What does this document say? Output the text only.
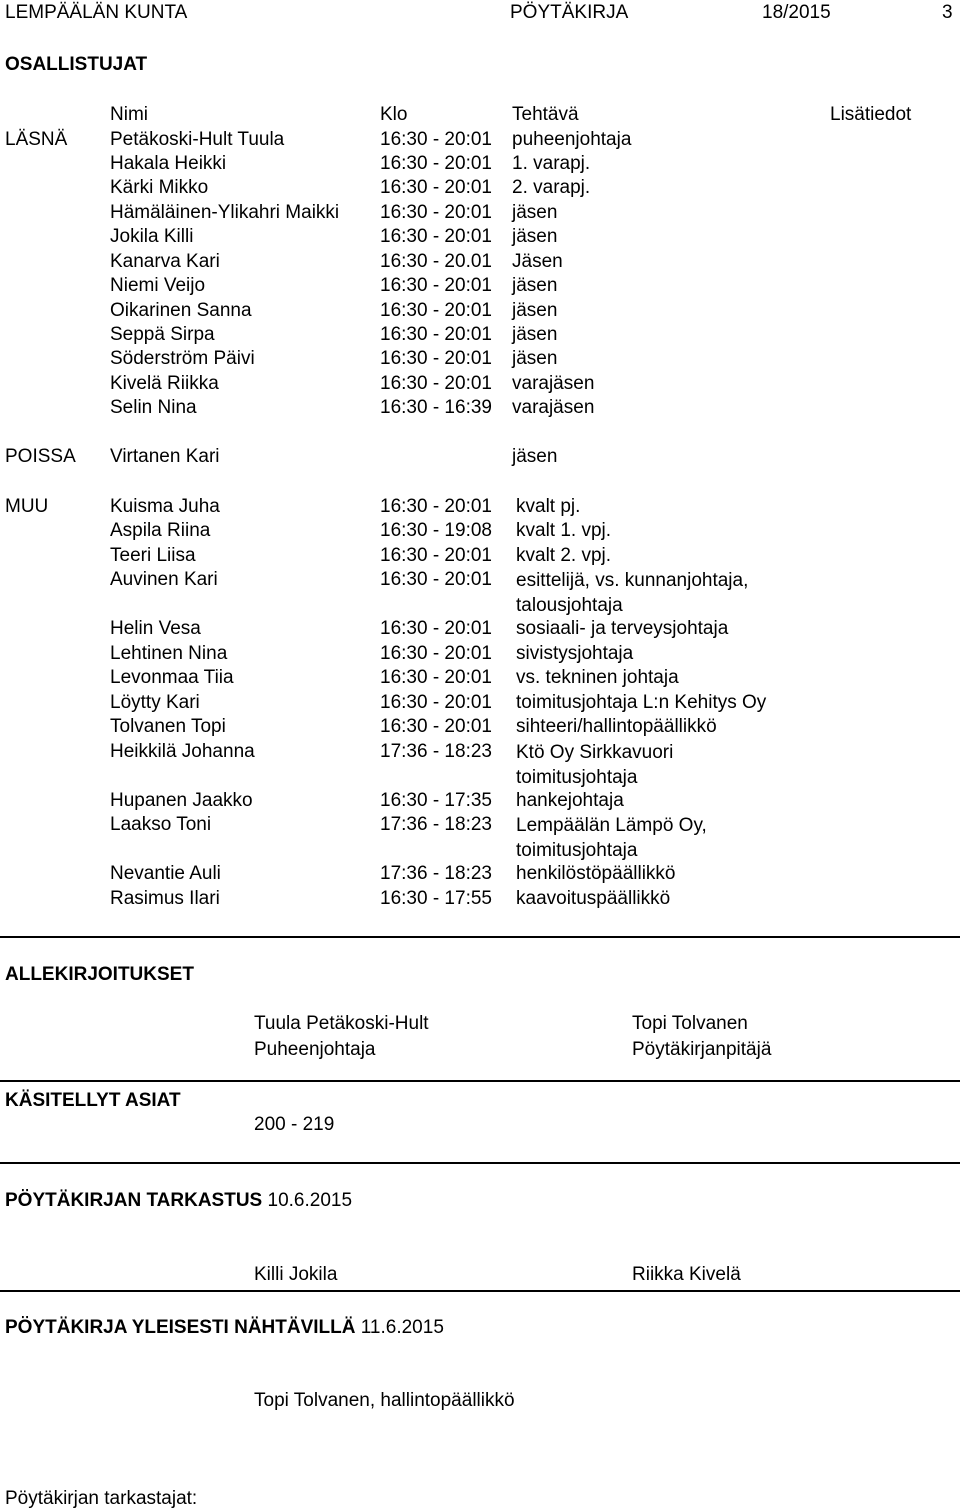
LEMPÄÄLÄN KUNTA	PÖYTÄKIRJA	18/2015	3
OSALLISTUJAT
Nimi	Klo	Tehtävä	Lisätiedot
LÄSNÄ Petäkoski-Hult Tuula	16:30 - 20:01 puheenjohtaja
Hakala Heikki	16:30 - 20:01 1. varapj.
Kärki Mikko	16:30 - 20:01 2. varapj.
Hämäläinen-Ylikahri Maikki 16:30 - 20:01 jäsen
Jokila Killi	16:30 - 20:01 jäsen
Kanarva Kari	16:30 - 20.01 Jäsen
Niemi Veijo	16:30 - 20:01 jäsen
Oikarinen Sanna	16:30 - 20:01 jäsen
Seppä Sirpa	16:30 - 20:01 jäsen
Söderström Päivi	16:30 - 20:01 jäsen
Kivelä Riikka	16:30 - 20:01 varajäsen
Selin Nina	16:30 - 16:39 varajäsen
POISSA Virtanen Kari	jäsen
MUU	Kuisma Juha	16:30 - 20:01 kvalt pj.
Aspila Riina	16:30 - 19:08 kvalt 1. vpj.
Teeri Liisa	16:30 - 20:01 kvalt 2. vpj.
Auvinen Kari	16:30 - 20:01 esittelijä, vs. kunnanjohtaja,
talousjohtaja
Helin Vesa	16:30 - 20:01 sosiaali- ja terveysjohtaja
Lehtinen Nina	16:30 - 20:01 sivistysjohtaja
Levonmaa Tiia	16:30 - 20:01 vs. tekninen johtaja
Löytty Kari	16:30 - 20:01 toimitusjohtaja L:n Kehitys Oy
Tolvanen Topi	16:30 - 20:01 sihteeri/hallintopäällikkö
Heikkilä Johanna	17:36 - 18:23 Ktö Oy Sirkkavuori
toimitusjohtaja
Hupanen Jaakko	16:30 - 17:35 hankejohtaja
Laakso Toni	17:36 - 18:23 Lempäälän Lämpö Oy,
toimitusjohtaja
Nevantie Auli	17:36 - 18:23 henkilöstöpäällikkö
Rasimus Ilari	16:30 - 17:55 kaavoituspäällikkö
ALLEKIRJOITUKSET
Tuula Petäkoski-Hult
Puheenjohtaja
Topi Tolvanen
Pöytäkirjanpitäjä
KÄSITELLYT ASIAT
200 - 219
PÖYTÄKIRJAN TARKASTUS 10.6.2015
Killi Jokila	Riikka Kivelä
PÖYTÄKIRJA YLEISESTI NÄHTÄVILLÄ 11.6.2015
Topi Tolvanen, hallintopäällikkö
Pöytäkirjan tarkastajat:
